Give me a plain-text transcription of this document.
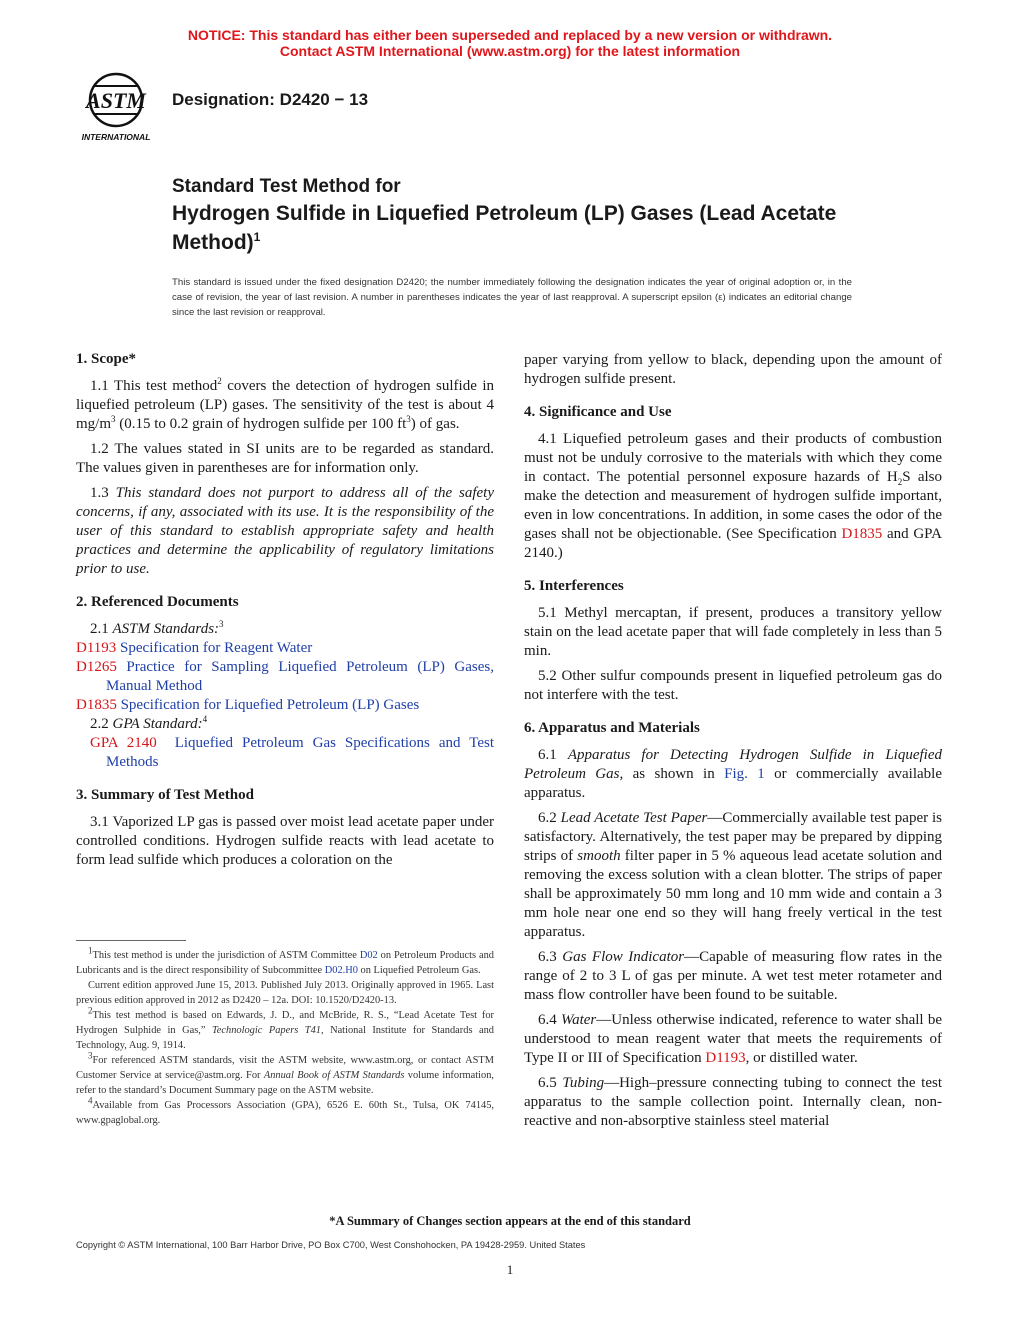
NOTICE: This standard has either been superseded and replaced by a new version or withdrawn.
Contact ASTM International (www.astm.org) for the latest information
ASTM
INTERNATIONAL
Designation: D2420 − 13
Standard Test Method for
Hydrogen Sulfide in Liquefied Petroleum (LP) Gases (Lead Acetate Method)$^1$
This standard is issued under the fixed designation D2420; the number immediately following the designation indicates the year of original adoption or, in the case of revision, the year of last revision. A number in parentheses indicates the year of last reapproval. A superscript epsilon (ε) indicates an editorial change since the last revision or reapproval.
1. Scope*
1.1 This test method$^2$ covers the detection of hydrogen sulfide in liquefied petroleum (LP) gases. The sensitivity of the test is about 4 $mg/m^3$ (0.15 to 0.2 grain of hydrogen sulfide per 100 $ft^3$) of gas.
1.2 The values stated in SI units are to be regarded as standard. The values given in parentheses are for information only.
1.3 This standard does not purport to address all of the safety concerns, if any, associated with its use. It is the responsibility of the user of this standard to establish appropriate safety and health practices and determine the applicability of regulatory limitations prior to use.
2. Referenced Documents
2.1 ASTM Standards:$^3$
D1193 Specification for Reagent Water
D1265 Practice for Sampling Liquefied Petroleum (LP) Gases, Manual Method
D1835 Specification for Liquefied Petroleum (LP) Gases
2.2 GPA Standard:$^4$
GPA 2140 Liquefied Petroleum Gas Specifications and Test Methods
3. Summary of Test Method
3.1 Vaporized LP gas is passed over moist lead acetate paper under controlled conditions. Hydrogen sulfide reacts with lead acetate to form lead sulfide which produces a coloration on the

$^1$This test method is under the jurisdiction of ASTM Committee D02 on Petroleum Products and Lubricants and is the direct responsibility of Subcommittee D02.H0 on Liquefied Petroleum Gas.

Current edition approved June 15, 2013. Published July 2013. Originally approved in 1965. Last previous edition approved in 2012 as D2420 – 12a. DOI: 10.1520/D2420-13.

$^2$This test method is based on Edwards, J. D., and McBride, R. S., “Lead Acetate Test for Hydrogen Sulphide in Gas,” Technologic Papers T41, National Institute for Standards and Technology, Aug. 9, 1914.

$^3$For referenced ASTM standards, visit the ASTM website, www.astm.org, or contact ASTM Customer Service at service@astm.org. For Annual Book of ASTM Standards volume information, refer to the standard’s Document Summary page on the ASTM website.

$^4$Available from Gas Processors Association (GPA), 6526 E. 60th St., Tulsa, OK 74145, www.gpaglobal.org.

paper varying from yellow to black, depending upon the amount of hydrogen sulfide present.
4. Significance and Use
4.1 Liquefied petroleum gases and their products of combustion must not be unduly corrosive to the materials with which they come in contact. The potential personnel exposure hazards of $H_2S$ also make the detection and measurement of hydrogen sulfide important, even in low concentrations. In addition, in some cases the odor of the gases shall not be objectionable. (See Specification D1835 and GPA 2140.)
5. Interferences
5.1 Methyl mercaptan, if present, produces a transitory yellow stain on the lead acetate paper that will fade completely in less than 5 min.
5.2 Other sulfur compounds present in liquefied petroleum gas do not interfere with the test.
6. Apparatus and Materials
6.1 Apparatus for Detecting Hydrogen Sulfide in Liquefied Petroleum Gas, as shown in Fig. 1 or commercially available apparatus.
6.2 Lead Acetate Test Paper—Commercially available test paper is satisfactory. Alternatively, the test paper may be prepared by dipping strips of smooth filter paper in 5 % aqueous lead acetate solution and removing the excess solution with a clean blotter. The strips of paper shall be approximately 50 mm long and 10 mm wide and contain a 3 mm hole near one end so they will hang freely vertical in the test apparatus.
6.3 Gas Flow Indicator—Capable of measuring flow rates in the range of 2 to 3 L of gas per minute. A wet test meter rotameter and mass flow controller have been found to be suitable.
6.4 Water—Unless otherwise indicated, reference to water shall be understood to mean reagent water that meets the requirements of Type II or III of Specification D1193, or distilled water.
6.5 Tubing—High–pressure connecting tubing to connect the test apparatus to the sample collection point. Internally clean, non-reactive and non-absorptive stainless steel material
*A Summary of Changes section appears at the end of this standard
Copyright © ASTM International, 100 Barr Harbor Drive, PO Box C700, West Conshohocken, PA 19428-2959. United States
1
